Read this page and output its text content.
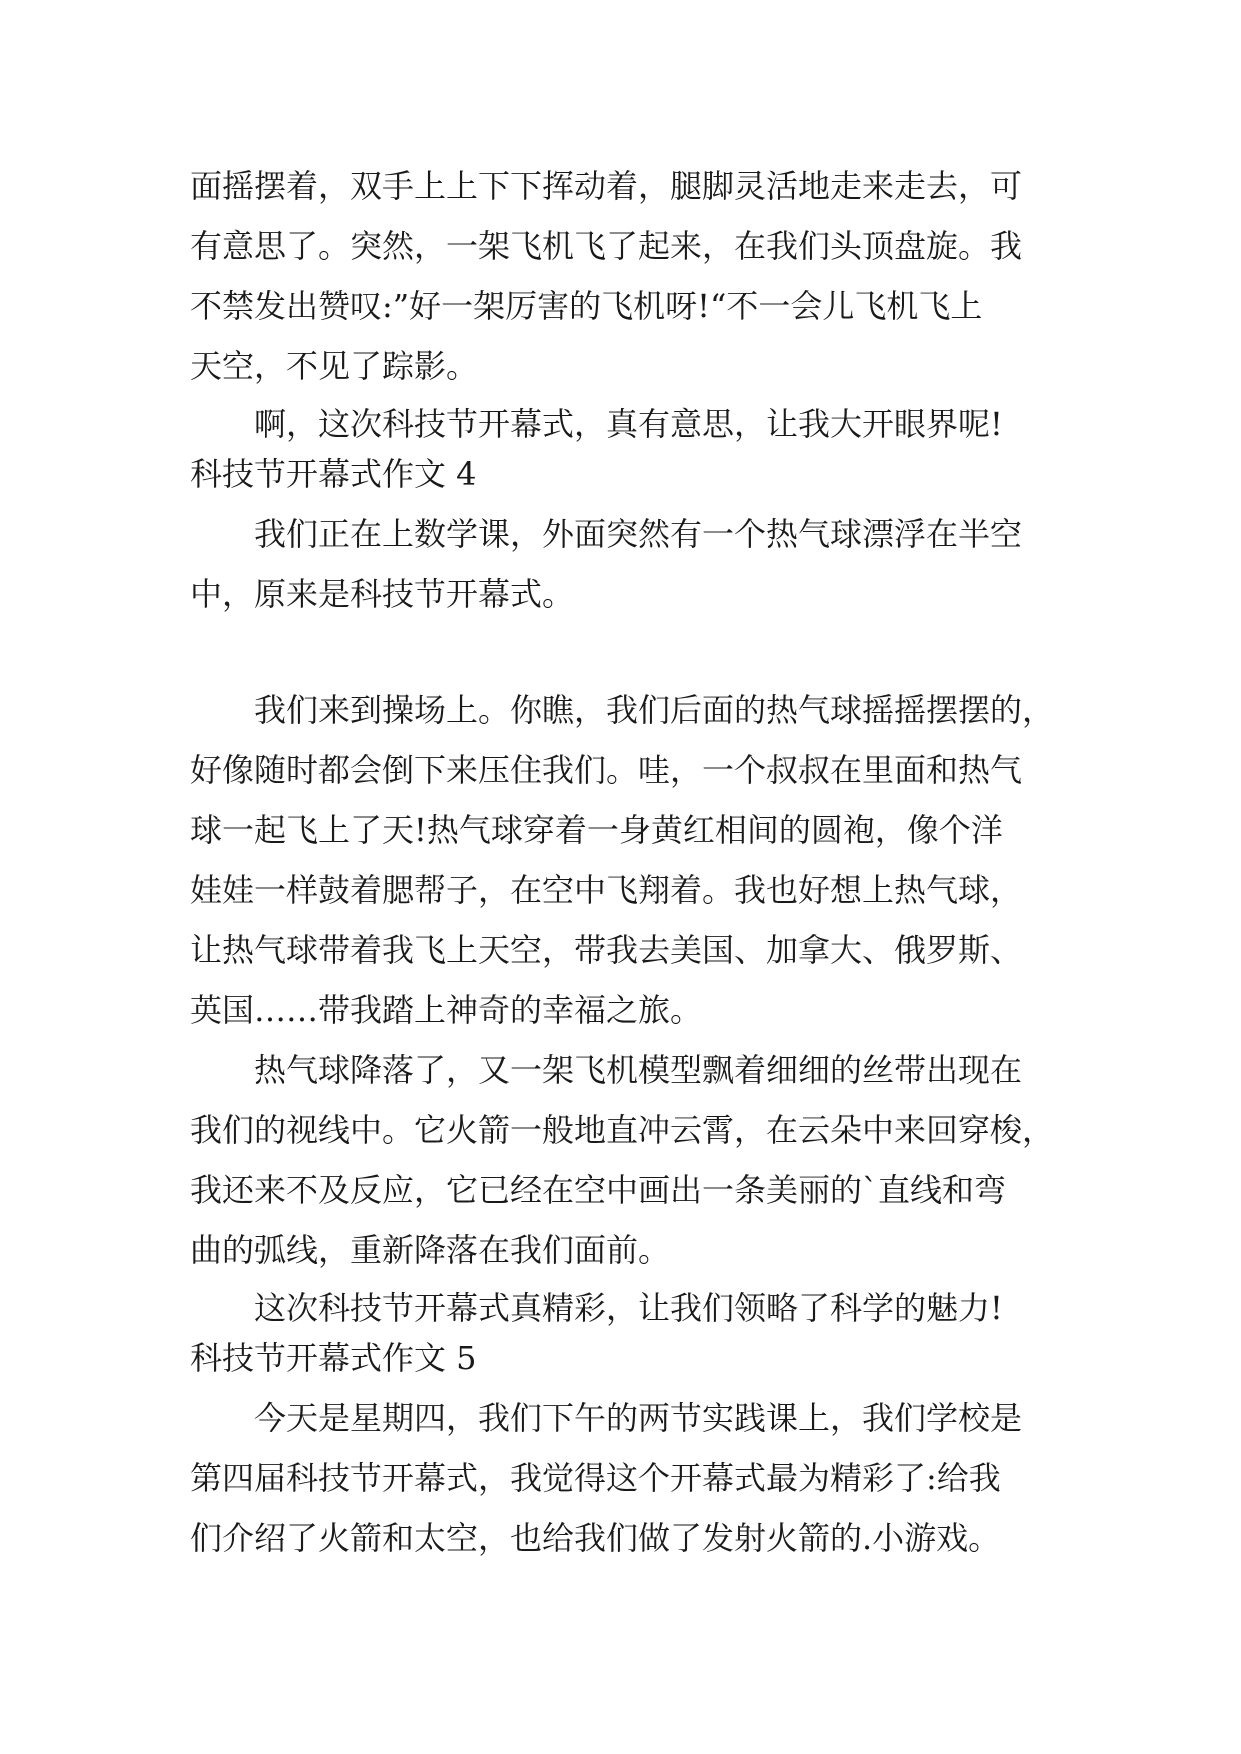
面摇摆着，双手上上下下挥动着，腿脚灵活地走来走去，可
有意思了。突然，一架飞机飞了起来，在我们头顶盘旋。我
不禁发出赞叹:”好一架厉害的飞机呀!“不一会儿飞机飞上
天空，不见了踪影。
啊，这次科技节开幕式，真有意思，让我大开眼界呢!
科技节开幕式作文 4
我们正在上数学课，外面突然有一个热气球漂浮在半空
中，原来是科技节开幕式。
我们来到操场上。你瞧，我们后面的热气球摇摇摆摆的，
好像随时都会倒下来压住我们。哇，一个叔叔在里面和热气
球一起飞上了天!热气球穿着一身黄红相间的圆袍，像个洋
娃娃一样鼓着腮帮子，在空中飞翔着。我也好想上热气球，
让热气球带着我飞上天空，带我去美国、加拿大、俄罗斯、
英国……带我踏上神奇的幸福之旅。
热气球降落了，又一架飞机模型飘着细细的丝带出现在
我们的视线中。它火箭一般地直冲云霄，在云朵中来回穿梭，
我还来不及反应，它已经在空中画出一条美丽的`直线和弯
曲的弧线，重新降落在我们面前。
这次科技节开幕式真精彩，让我们领略了科学的魅力!
科技节开幕式作文 5
今天是星期四，我们下午的两节实践课上，我们学校是
第四届科技节开幕式，我觉得这个开幕式最为精彩了:给我
们介绍了火箭和太空，也给我们做了发射火箭的.小游戏。
